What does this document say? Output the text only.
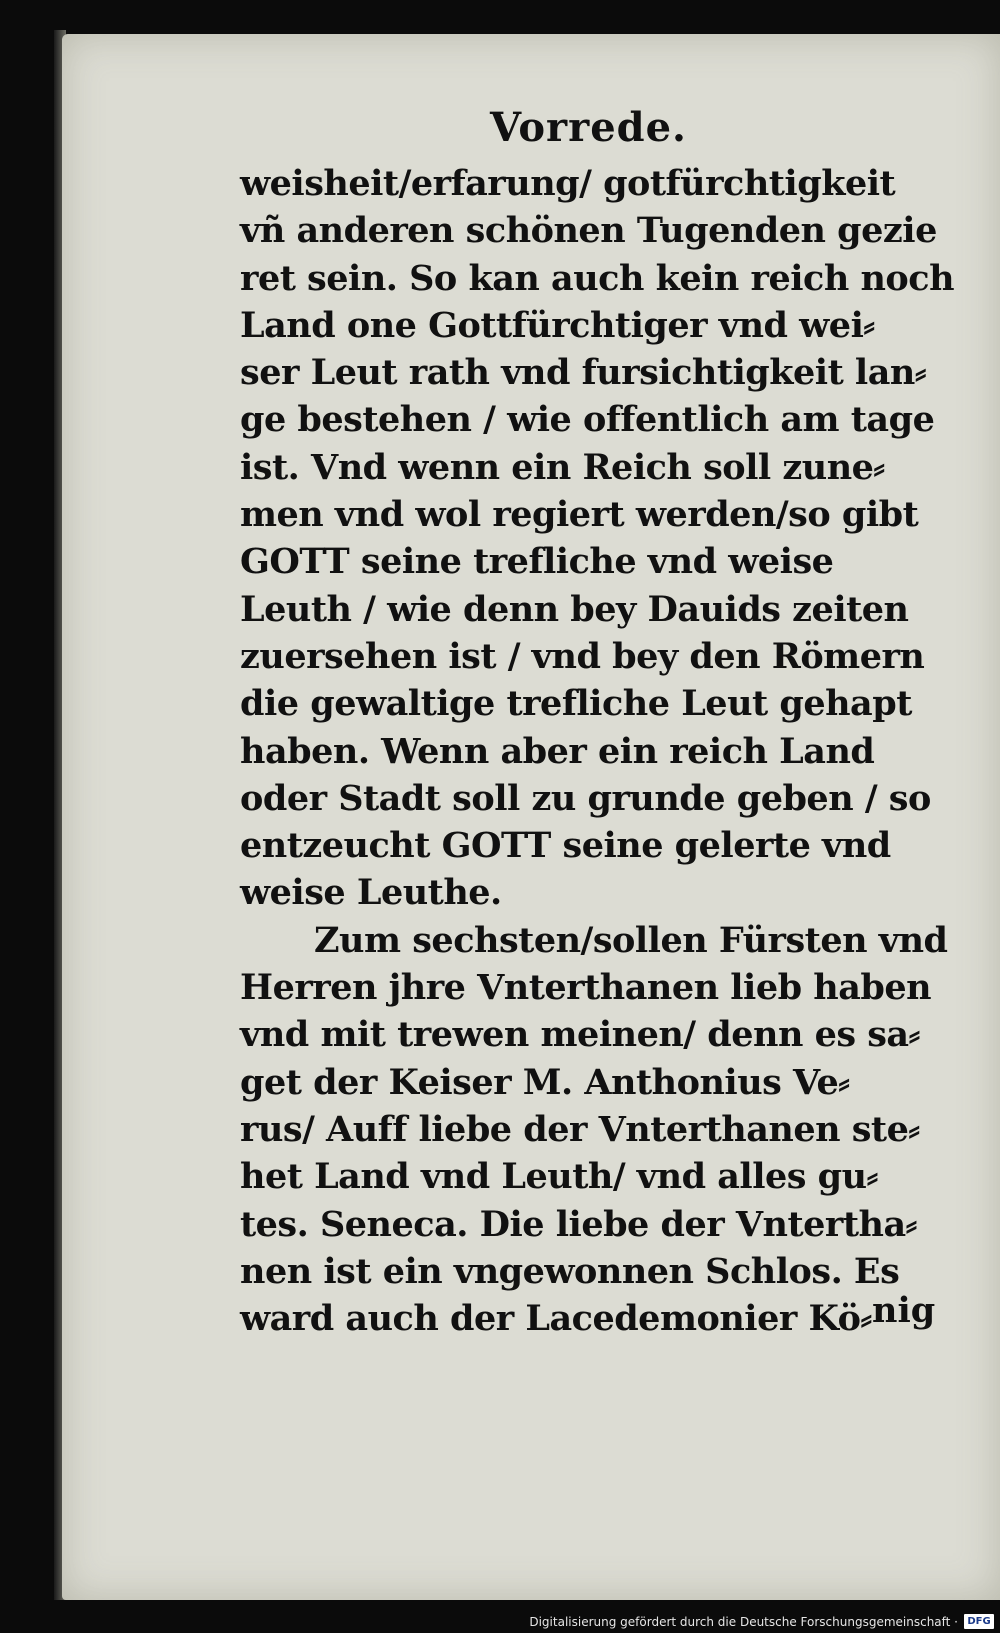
Vorrede.
weisheit/erfarung/ gotfürchtigkeit
vñ anderen schönen Tugenden gezie
ret sein. So kan auch kein reich noch
Land one Gottfürchtiger vnd wei⸗
ser Leut rath vnd fursichtigkeit lan⸗
ge bestehen / wie offentlich am tage
ist. Vnd wenn ein Reich soll zune⸗
men vnd wol regiert werden/so gibt
GOTT seine trefliche vnd weise
Leuth / wie denn bey Dauids zeiten
zuersehen ist / vnd bey den Römern
die gewaltige trefliche Leut gehapt
haben. Wenn aber ein reich Land
oder Stadt soll zu grunde geben / so
entzeucht GOTT seine gelerte vnd
weise Leuthe.
Zum sechsten/sollen Fürsten vnd
Herren jhre Vnterthanen lieb haben
vnd mit trewen meinen/ denn es sa⸗
get der Keiser M. Anthonius Ve⸗
rus/ Auff liebe der Vnterthanen ste⸗
het Land vnd Leuth/ vnd alles gu⸗
tes. Seneca. Die liebe der Vntertha⸗
nen ist ein vngewonnen Schlos. Es
ward auch der Lacedemonier Kö⸗ nig
Digitalisierung gefördert durch die Deutsche Forschungsgemeinschaft · DFG
